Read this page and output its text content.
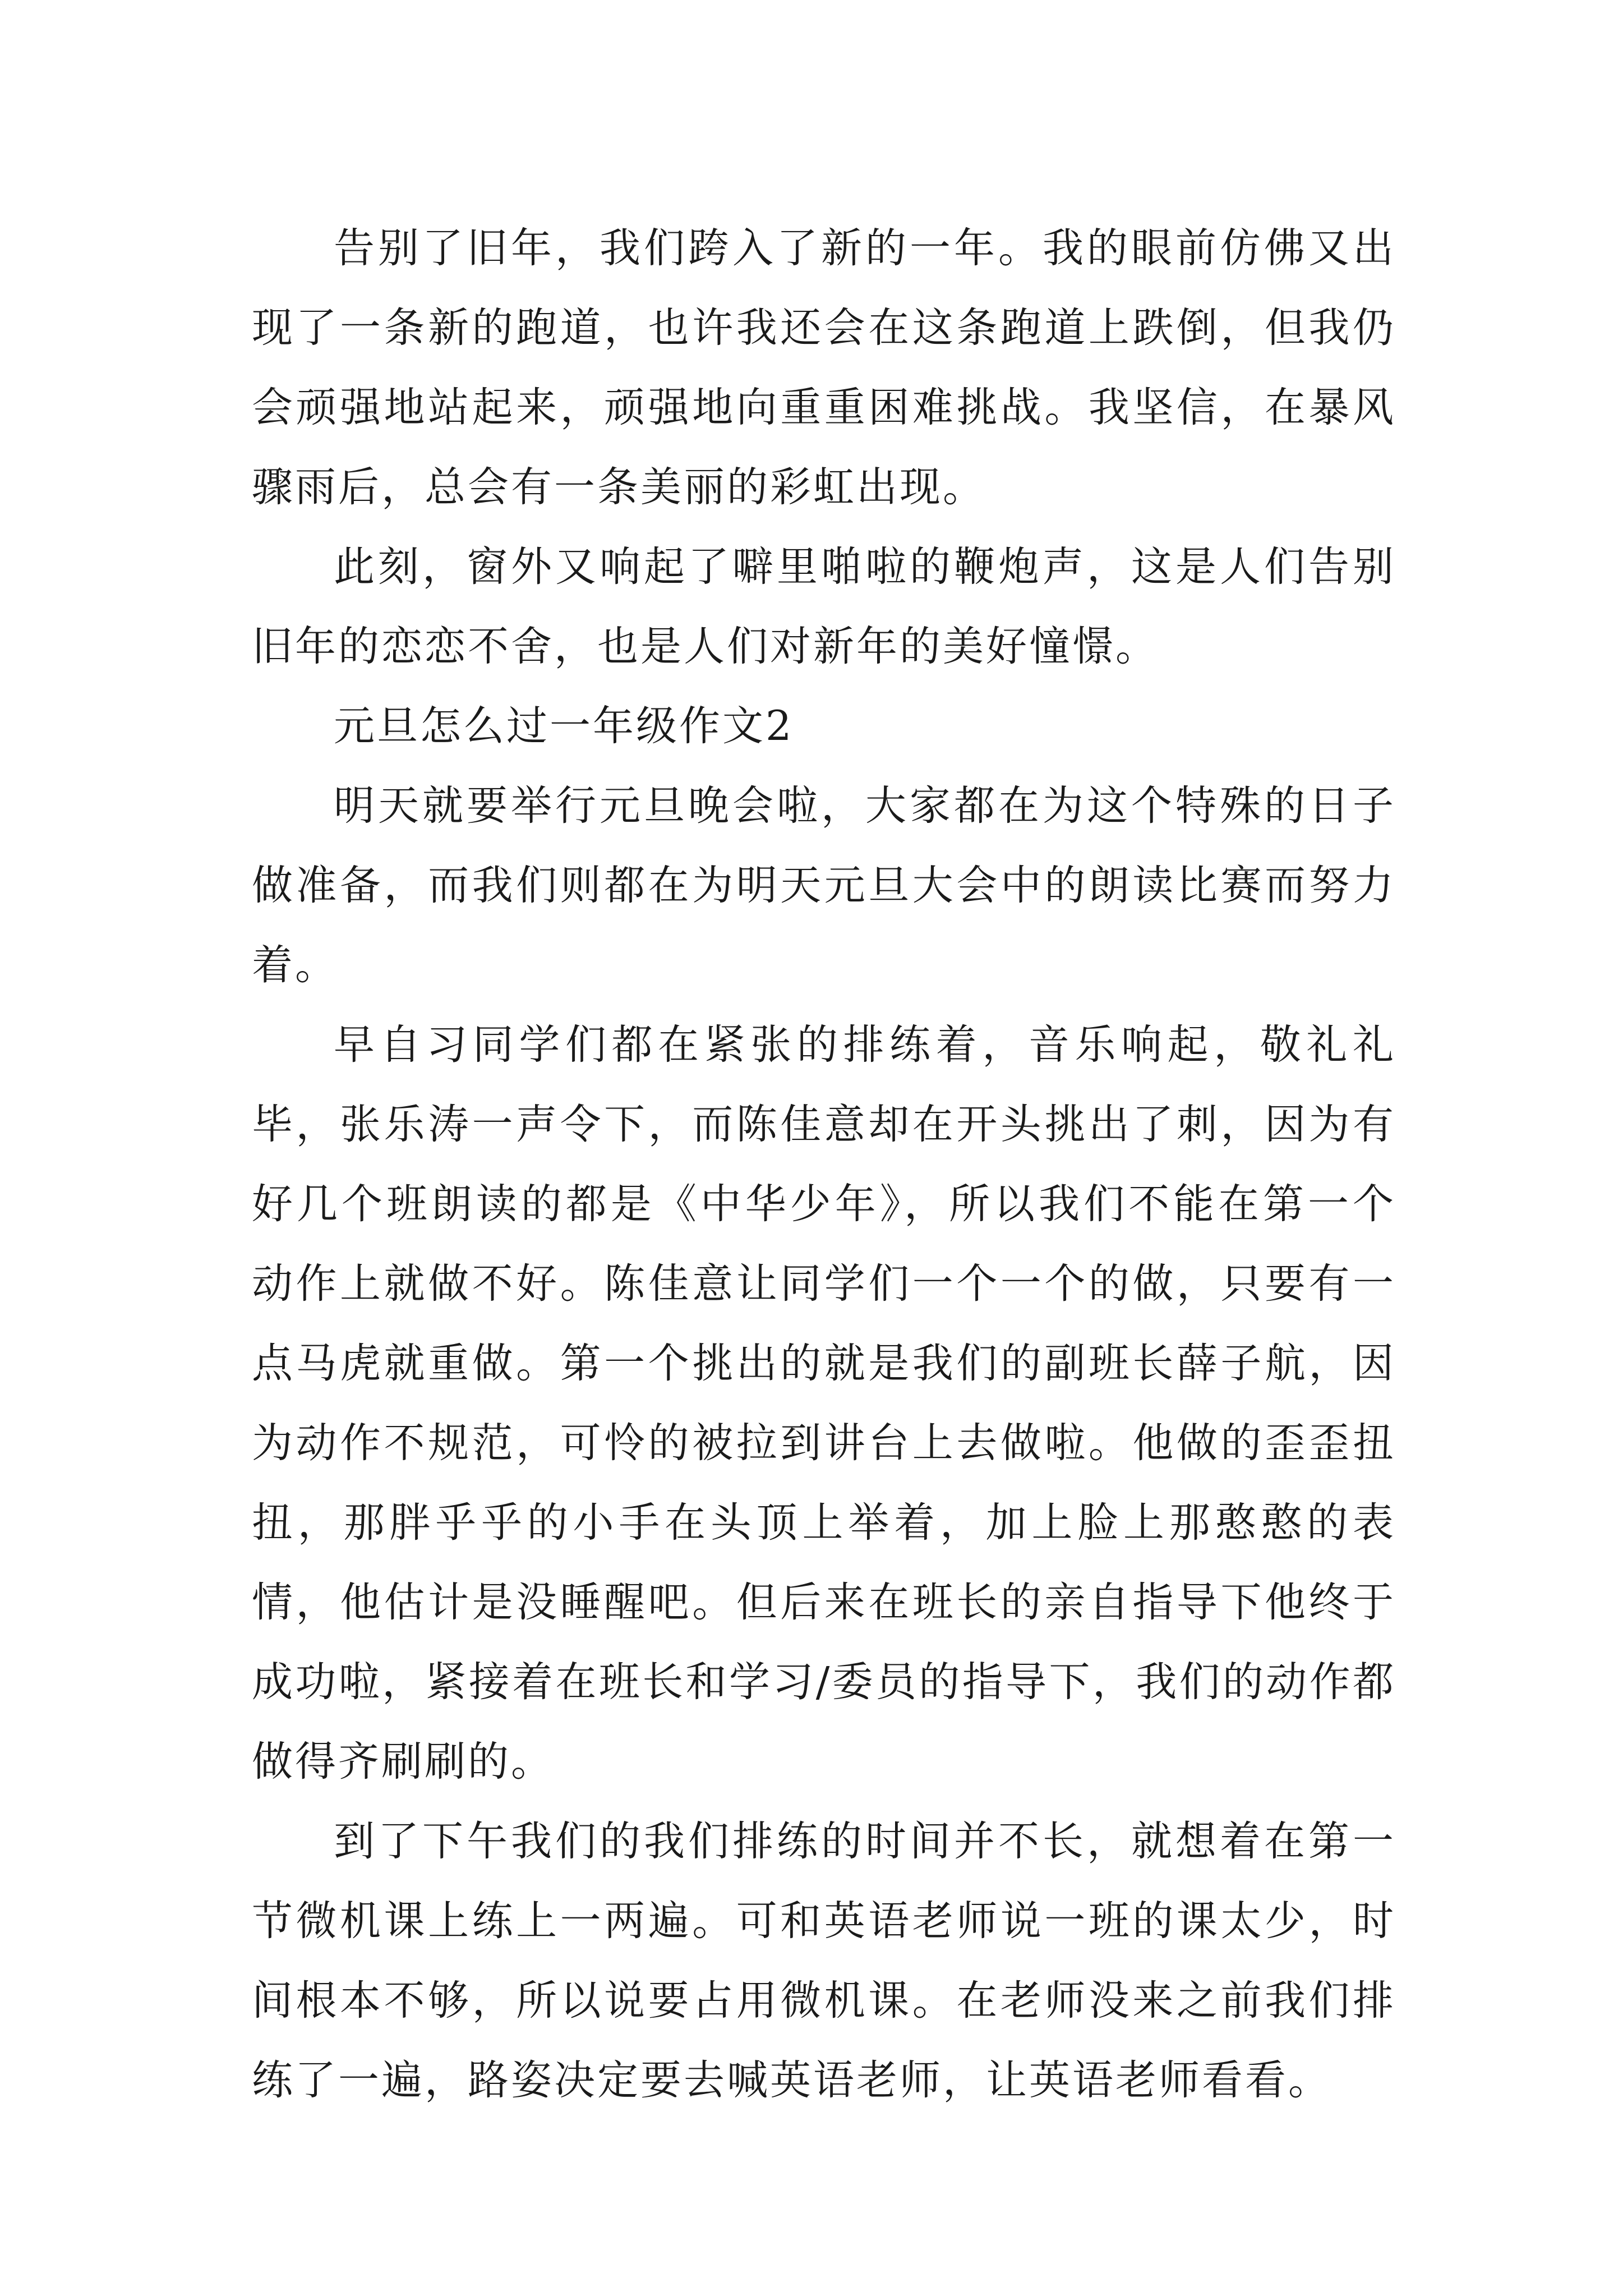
告别了旧年，我们跨入了新的一年。我的眼前仿佛又出现了一条新的跑道，也许我还会在这条跑道上跌倒，但我仍会顽强地站起来，顽强地向重重困难挑战。我坚信，在暴风骤雨后，总会有一条美丽的彩虹出现。

此刻，窗外又响起了噼里啪啦的鞭炮声，这是人们告别旧年的恋恋不舍，也是人们对新年的美好憧憬。

元旦怎么过一年级作文2

明天就要举行元旦晚会啦，大家都在为这个特殊的日子做准备，而我们则都在为明天元旦大会中的朗读比赛而努力着。

早自习同学们都在紧张的排练着，音乐响起，敬礼礼毕，张乐涛一声令下，而陈佳意却在开头挑出了刺，因为有好几个班朗读的都是《中华少年》，所以我们不能在第一个动作上就做不好。陈佳意让同学们一个一个的做，只要有一点马虎就重做。第一个挑出的就是我们的副班长薛子航，因为动作不规范，可怜的被拉到讲台上去做啦。他做的歪歪扭扭，那胖乎乎的小手在头顶上举着，加上脸上那憨憨的表情，他估计是没睡醒吧。但后来在班长的亲自指导下他终于成功啦，紧接着在班长和学习/委员的指导下，我们的动作都做得齐刷刷的。

到了下午我们的我们排练的时间并不长，就想着在第一节微机课上练上一两遍。可和英语老师说一班的课太少，时间根本不够，所以说要占用微机课。在老师没来之前我们排练了一遍，路姿决定要去喊英语老师，让英语老师看看。
